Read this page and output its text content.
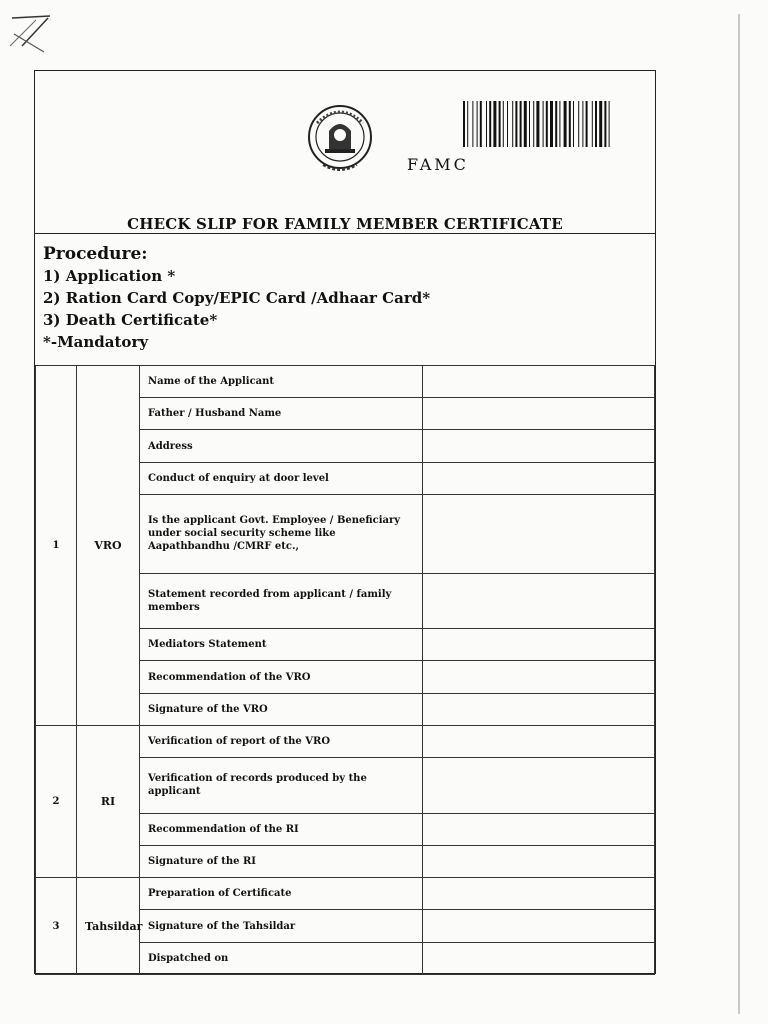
FAMC
CHECK SLIP FOR FAMILY MEMBER CERTIFICATE
Procedure:
1) Application *
2) Ration Card Copy/EPIC Card /Adhaar Card*
3) Death Certificate*
*-Mandatory
1	VRO	Name of the Applicant	
		Father / Husband Name	
		Address	
		Conduct of enquiry at door level	
		Is the applicant Govt. Employee / Beneficiary under social security scheme like Aapathbandhu /CMRF etc.,	
		Statement recorded from applicant / family members	
		Mediators Statement	
		Recommendation of the VRO	
		Signature of the VRO	
2	RI	Verification of report of the VRO	
		Verification of records produced by the applicant	
		Recommendation of the RI	
		Signature of the RI	
3	Tahsildar	Preparation of Certificate	
		Signature of the Tahsildar	
		Dispatched on	
